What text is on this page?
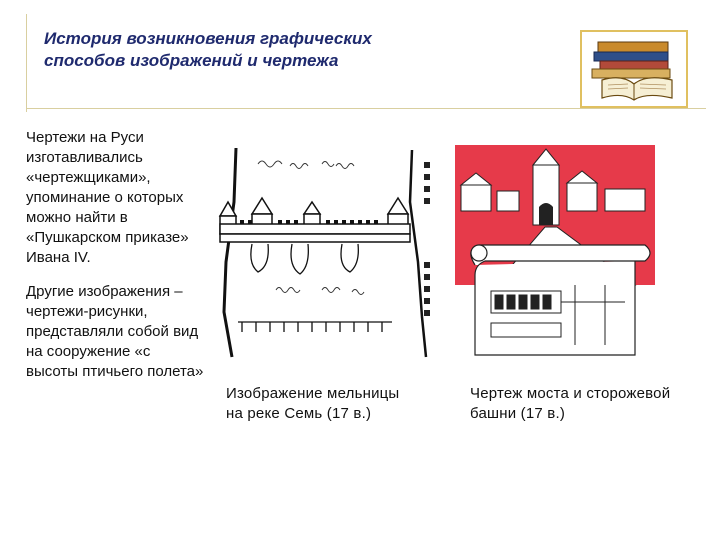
История возникновения графических
способов изображений и чертежа

Чертежи на Руси изготавливались «чертежщиками», упоминание о которых можно найти в «Пушкарском приказе» Ивана IV.

Другие изображения – чертежи-рисунки, представляли собой вид на сооружение «с высоты птичьего полета»

Изображение мельницы на реке Семь (17 в.)
Чертеж моста и сторожевой башни (17 в.)
